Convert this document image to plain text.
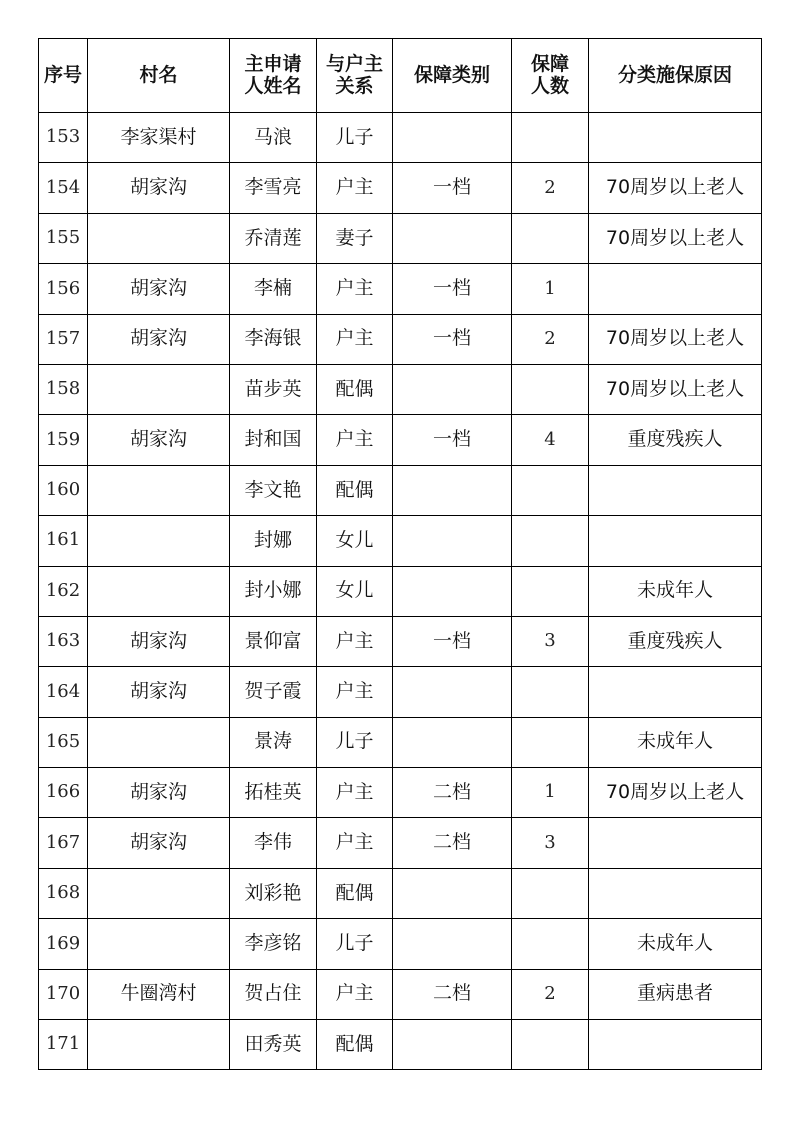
序号	村名	主申请人姓名	与户主关系	保障类别	保障人数	分类施保原因
153	李家渠村	马浪	儿子			
154	胡家沟	李雪亮	户主	一档	2	70周岁以上老人
155		乔清莲	妻子			70周岁以上老人
156	胡家沟	李楠	户主	一档	1	
157	胡家沟	李海银	户主	一档	2	70周岁以上老人
158		苗步英	配偶			70周岁以上老人
159	胡家沟	封和国	户主	一档	4	重度残疾人
160		李文艳	配偶			
161		封娜	女儿			
162		封小娜	女儿			未成年人
163	胡家沟	景仰富	户主	一档	3	重度残疾人
164	胡家沟	贺子霞	户主			
165		景涛	儿子			未成年人
166	胡家沟	拓桂英	户主	二档	1	70周岁以上老人
167	胡家沟	李伟	户主	二档	3	
168		刘彩艳	配偶			
169		李彦铭	儿子			未成年人
170	牛圈湾村	贺占住	户主	二档	2	重病患者
171		田秀英	配偶			
